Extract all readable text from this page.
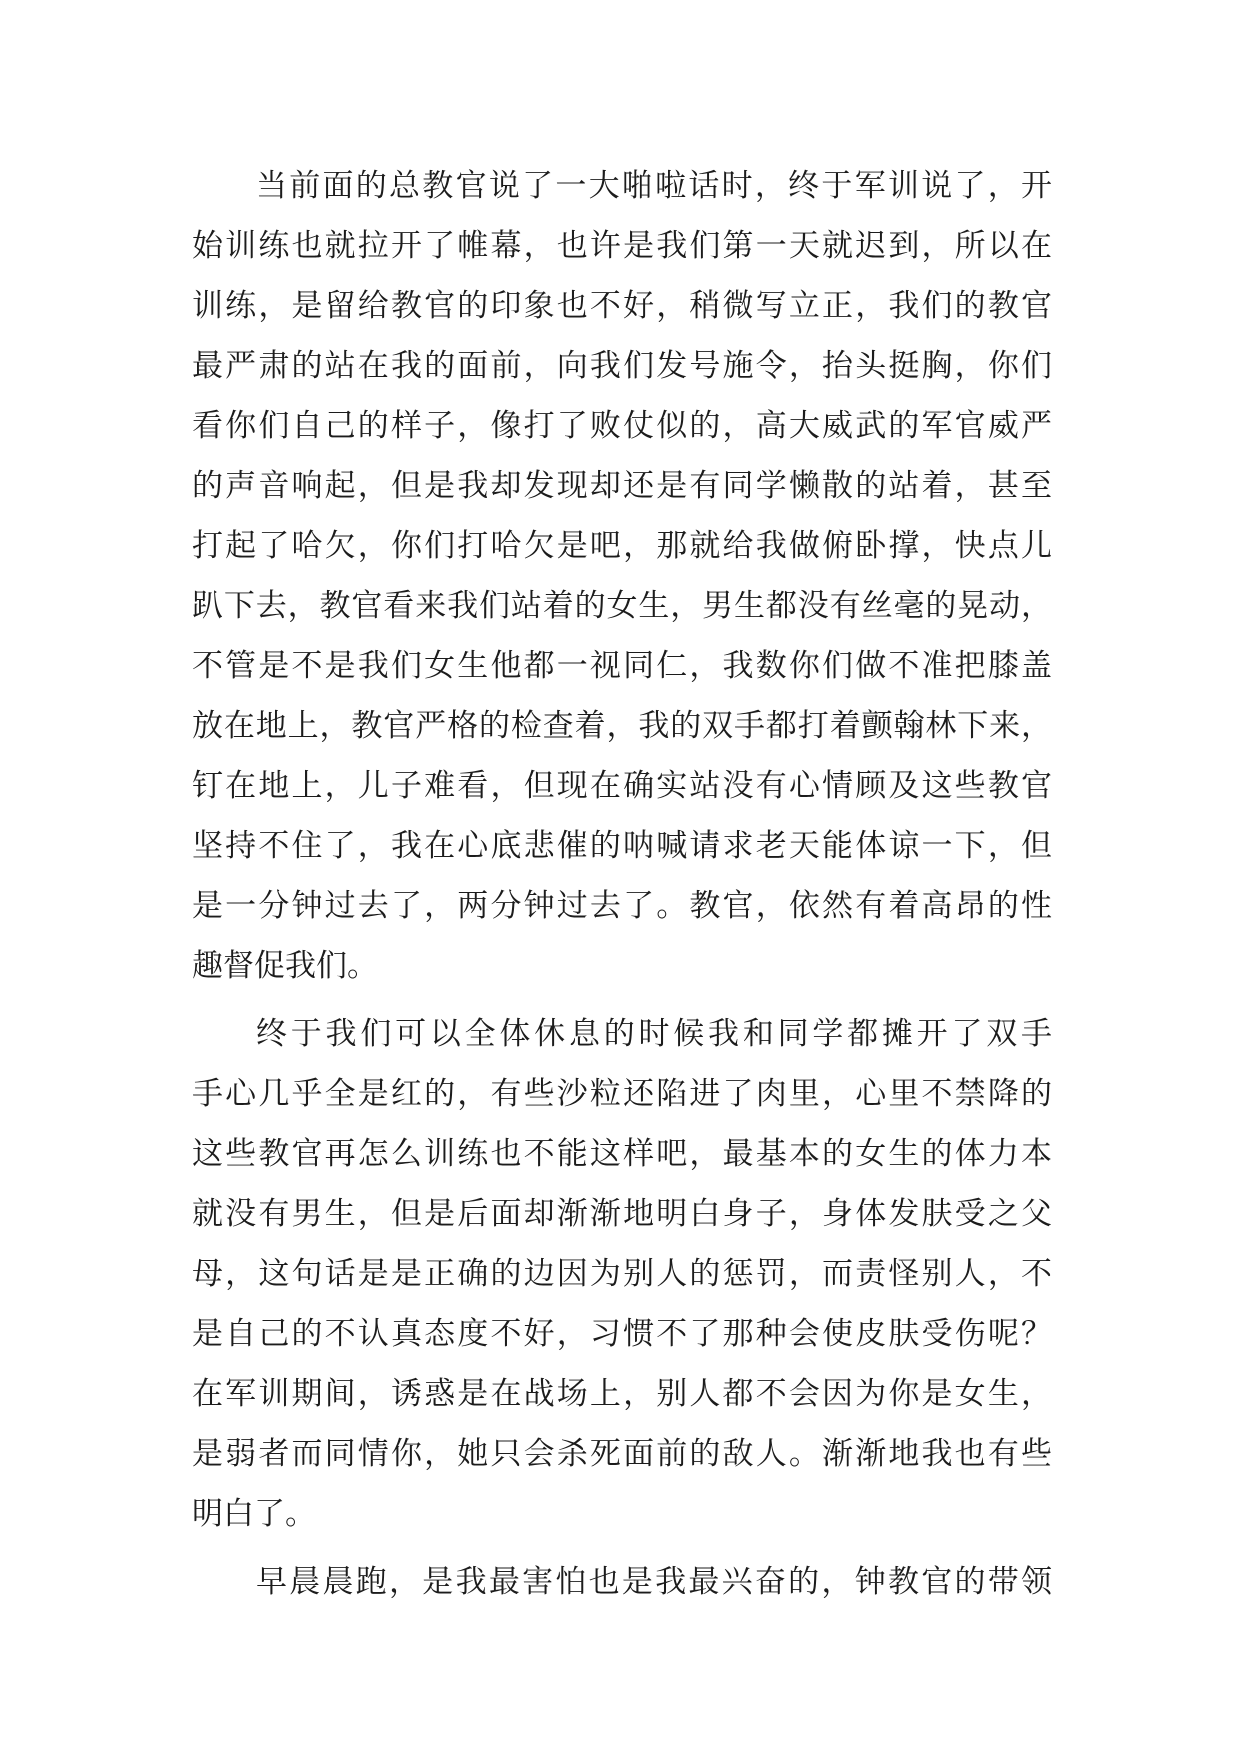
当前面的总教官说了一大啪啦话时，终于军训说了，开
始训练也就拉开了帷幕，也许是我们第一天就迟到，所以在
训练，是留给教官的印象也不好，稍微写立正，我们的教官
最严肃的站在我的面前，向我们发号施令，抬头挺胸，你们
看你们自己的样子，像打了败仗似的，高大威武的军官威严
的声音响起，但是我却发现却还是有同学懒散的站着，甚至
打起了哈欠，你们打哈欠是吧，那就给我做俯卧撑，快点儿
趴下去，教官看来我们站着的女生，男生都没有丝毫的晃动，
不管是不是我们女生他都一视同仁，我数你们做不准把膝盖
放在地上，教官严格的检查着，我的双手都打着颤翰林下来，
钉在地上，儿子难看，但现在确实站没有心情顾及这些教官
坚持不住了，我在心底悲催的呐喊请求老天能体谅一下，但
是一分钟过去了，两分钟过去了。教官，依然有着高昂的性
趣督促我们。
终于我们可以全体休息的时候我和同学都摊开了双手
手心几乎全是红的，有些沙粒还陷进了肉里，心里不禁降的
这些教官再怎么训练也不能这样吧，最基本的女生的体力本
就没有男生，但是后面却渐渐地明白身子，身体发肤受之父
母，这句话是是正确的边因为别人的惩罚，而责怪别人，不
是自己的不认真态度不好，习惯不了那种会使皮肤受伤呢？
在军训期间，诱惑是在战场上，别人都不会因为你是女生，
是弱者而同情你，她只会杀死面前的敌人。渐渐地我也有些
明白了。
早晨晨跑，是我最害怕也是我最兴奋的，钟教官的带领
